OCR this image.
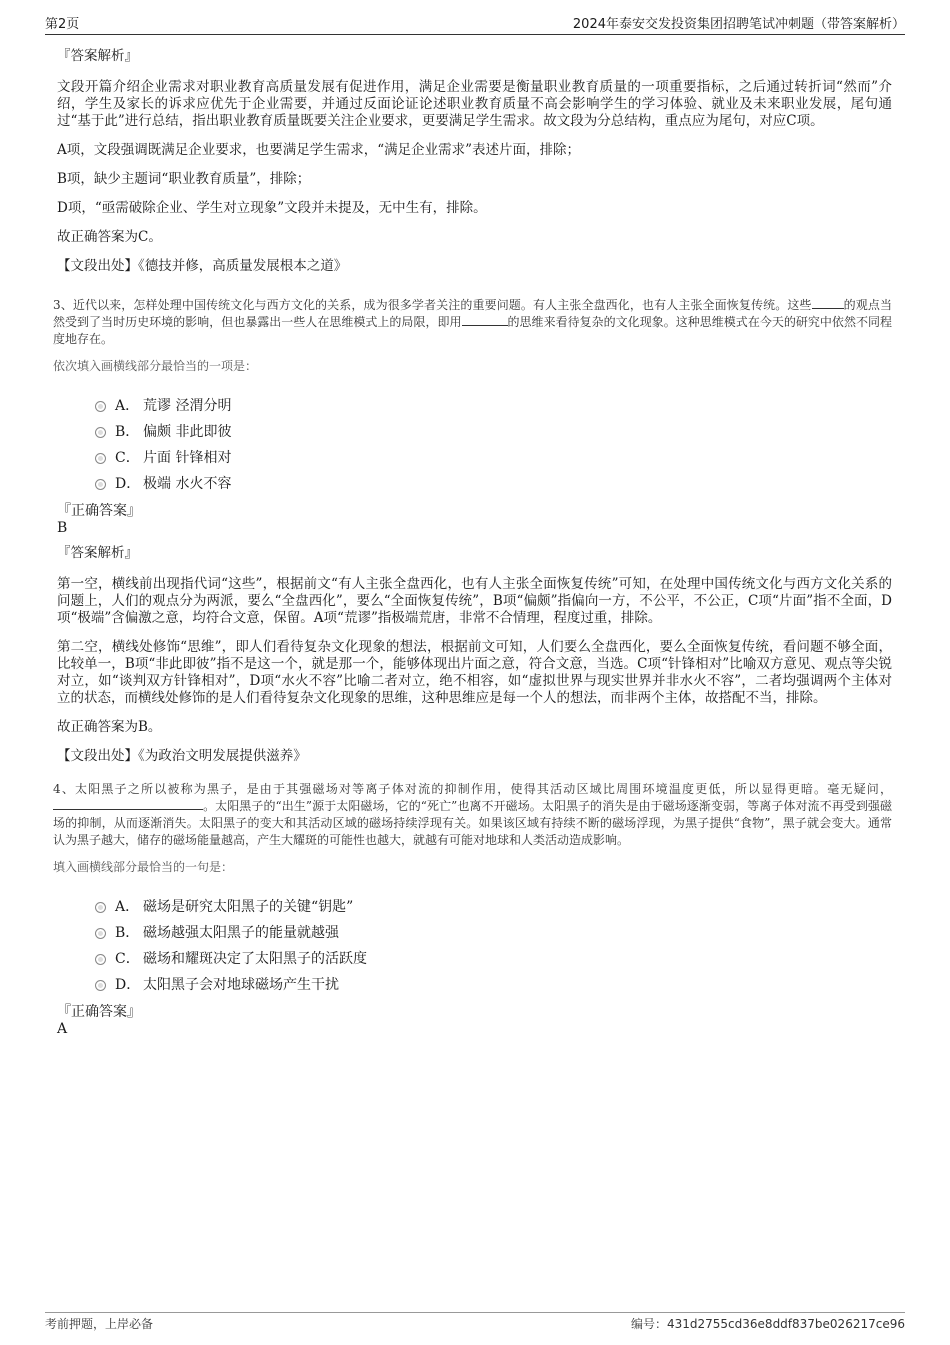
第2页	2024年泰安交发投资集团招聘笔试冲刺题（带答案解析）
『答案解析』

文段开篇介绍企业需求对职业教育高质量发展有促进作用，满足企业需要是衡量职业教育质量的一项重要指标，之后通过转折词“然而”介绍，学生及家长的诉求应优先于企业需要，并通过反面论证论述职业教育质量不高会影响学生的学习体验、就业及未来职业发展，尾句通过“基于此”进行总结，指出职业教育质量既要关注企业要求，更要满足学生需求。故文段为分总结构，重点应为尾句，对应C项。

A项，文段强调既满足企业要求，也要满足学生需求，“满足企业需求”表述片面，排除；

B项，缺少主题词“职业教育质量”，排除；

D项，“亟需破除企业、学生对立现象”文段并未提及，无中生有，排除。

故正确答案为C。

【文段出处】《德技并修，高质量发展根本之道》

3、近代以来，怎样处理中国传统文化与西方文化的关系，成为很多学者关注的重要问题。有人主张全盘西化，也有人主张全面恢复传统。这些	的观点当然受到了当时历史环境的影响，但也暴露出一些人在思维模式上的局限，即用	的思维来看待复杂的文化现象。这种思维模式在今天的研究中依然不同程度地存在。
依次填入画横线部分最恰当的一项是：
A． 荒谬 泾渭分明
B． 偏颇 非此即彼
C． 片面 针锋相对
D． 极端 水火不容
『正确答案』
B
『答案解析』

第一空，横线前出现指代词“这些”，根据前文“有人主张全盘西化，也有人主张全面恢复传统”可知，在处理中国传统文化与西方文化关系的问题上，人们的观点分为两派，要么“全盘西化”，要么“全面恢复传统”，B项“偏颇”指偏向一方，不公平，不公正，C项“片面”指不全面，D项“极端”含偏激之意，均符合文意，保留。A项“荒谬”指极端荒唐，非常不合情理，程度过重，排除。

第二空，横线处修饰“思维”，即人们看待复杂文化现象的想法，根据前文可知，人们要么全盘西化，要么全面恢复传统，看问题不够全面，比较单一，B项“非此即彼”指不是这一个，就是那一个，能够体现出片面之意，符合文意，当选。C项“针锋相对”比喻双方意见、观点等尖锐对立，如“谈判双方针锋相对”，D项“水火不容”比喻二者对立，绝不相容，如“虚拟世界与现实世界并非水火不容”，二者均强调两个主体对立的状态，而横线处修饰的是人们看待复杂文化现象的思维，这种思维应是每一个人的想法，而非两个主体，故搭配不当，排除。

故正确答案为B。

【文段出处】《为政治文明发展提供滋养》

4、太阳黑子之所以被称为黑子，是由于其强磁场对等离子体对流的抑制作用，使得其活动区域比周围环境温度更低，所以显得更暗。毫无疑问，。太阳黑子的“出生”源于太阳磁场，它的“死亡”也离不开磁场。太阳黑子的消失是由于磁场逐渐变弱，等离子体对流不再受到强磁场的抑制，从而逐渐消失。太阳黑子的变大和其活动区域的磁场持续浮现有关。如果该区域有持续不断的磁场浮现，为黑子提供“食物”，黑子就会变大。通常认为黑子越大，储存的磁场能量越高，产生大耀斑的可能性也越大，就越有可能对地球和人类活动造成影响。
填入画横线部分最恰当的一句是：
A． 磁场是研究太阳黑子的关键“钥匙”
B． 磁场越强太阳黑子的能量就越强
C． 磁场和耀斑决定了太阳黑子的活跃度
D． 太阳黑子会对地球磁场产生干扰
『正确答案』
A
考前押题，上岸必备	编号：431d2755cd36e8ddf837be026217ce96
